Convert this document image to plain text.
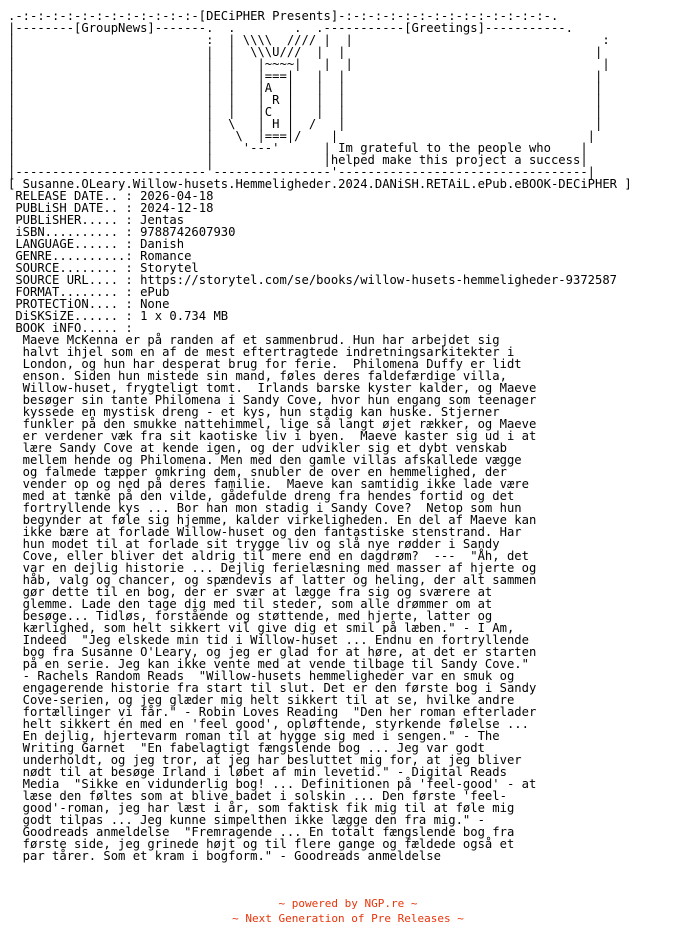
.-:-:-:-:-:-:-:-:-:-:-:-:-[DECiPHER Presents]-:-:-:-:-:-:-:-:-:-:-:-:-:-:-.
|--------[GroupNews]-------.  .        .  .-----------[Greetings]-----------.
|                          :  | \\\\  //// |  |                                  :
|                          |  |  \\\U///  |  |                                  |
|                          |  |   |~~~~|   |  |                                  |
|                          |  |   |===|   |  |                                  |
|                          |  |   |A  |   |  |                                  |
|                          |  |   | R |   |  |                                  |
|                          |  |   |C  |   |  |                                  |
|                          |  \   | H |  /   |                                  |
|                          |   \  |===|/    |                                  |
|                          |    '---'      | Im grateful to the people who    |
|                          |               |helped make this project a success|
|--------------------------'----------------'----------------------------------|
[ Susanne.OLeary.Willow-husets.Hemmeligheder.2024.DANiSH.RETAiL.ePub.eBOOK-DECiPHER ]
RELEASE DATE.. : 2026-04-18
PUBLiSH DATE.. : 2024-12-18
PUBLiSHER..... : Jentas
iSBN.......... : 9788742607930
LANGUAGE...... : Danish
GENRE..........: Romance
SOURCE........ : Storytel
SOURCE URL.... : https://storytel.com/se/books/willow-husets-hemmeligheder-9372587
FORMAT........ : ePub
PROTECTiON.... : None
DiSKSiZE...... : 1 x 0.734 MB
BOOK iNFO..... :
Maeve McKenna er på randen af et sammenbrud. Hun har arbejdet sig
halvt ihjel som en af de mest eftertragtede indretningsarkitekter i
London, og hun har desperat brug for ferie.  Philomena Duffy er lidt
enson. Siden hun mistede sin mand, føles deres faldefærdige villa,
Willow-huset, frygteligt tomt.  Irlands barske kyster kalder, og Maeve
besøger sin tante Philomena i Sandy Cove, hvor hun engang som teenager
kyssede en mystisk dreng - et kys, hun stadig kan huske. Stjerner
funkler på den smukke nattehimmel, lige så langt øjet rækker, og Maeve
er verdener væk fra sit kaotiske liv i byen.  Maeve kaster sig ud i at
lære Sandy Cove at kende igen, og der udvikler sig et dybt venskab
mellem hende og Philomena. Men med den gamle villas afskallede vægge
og falmede tæpper omkring dem, snubler de over en hemmelighed, der
vender op og ned på deres familie.  Maeve kan samtidig ikke lade være
med at tænke på den vilde, gådefulde dreng fra hendes fortid og det
fortryllende kys ... Bor han mon stadig i Sandy Cove?  Netop som hun
begynder at føle sig hjemme, kalder virkeligheden. En del af Maeve kan
ikke bære at forlade Willow-huset og den fantastiske stenstrand. Har
hun modet til at forlade sit trygge liv og slå nye rødder i Sandy
Cove, eller bliver det aldrig til mere end en dagdrøm?  ---  "Åh, det
var en dejlig historie ... Dejlig ferielæsning med masser af hjerte og
håb, valg og chancer, og spændevis af latter og heling, der alt sammen
gør dette til en bog, der er svær at lægge fra sig og sværere at
glemme. Lade den tage dig med til steder, som alle drømmer om at
besøge... Tidløs, forstående og støttende, med hjerte, latter og
kærlighed, som helt sikkert vil give dig et smil på læben." - I Am,
Indeed  "Jeg elskede min tid i Willow-huset ... Endnu en fortryllende
bog fra Susanne O'Leary, og jeg er glad for at høre, at det er starten
på en serie. Jeg kan ikke vente med at vende tilbage til Sandy Cove."
- Rachels Random Reads  "Willow-husets hemmeligheder var en smuk og
engagerende historie fra start til slut. Det er den første bog i Sandy
Cove-serien, og jeg glæder mig helt sikkert til at se, hvilke andre
fortællinger vi får." - Robin Loves Reading  "Den her roman efterlader
helt sikkert én med en 'feel good', opløftende, styrkende følelse ...
En dejlig, hjertevarm roman til at hygge sig med i sengen." - The
Writing Garnet  "En fabelagtigt fængslende bog ... Jeg var godt
underholdt, og jeg tror, at jeg har besluttet mig for, at jeg bliver
nødt til at besøge Irland i løbet af min levetid." - Digital Reads
Media  "Sikke en vidunderlig bog! ... Definitionen på 'feel-good' - at
læse den føltes som at blive badet i solskin ... Den første 'feel-
good'-roman, jeg har læst i år, som faktisk fik mig til at føle mig
godt tilpas ... Jeg kunne simpelthen ikke lægge den fra mig." -
Goodreads anmeldelse  "Fremragende ... En totalt fængslende bog fra
første side, jeg grinede højt og til flere gange og fældede også et
par tårer. Som et kram i bogform." - Goodreads anmeldelse

~ powered by NGP.re ~
~ Next Generation of Pre Releases ~
